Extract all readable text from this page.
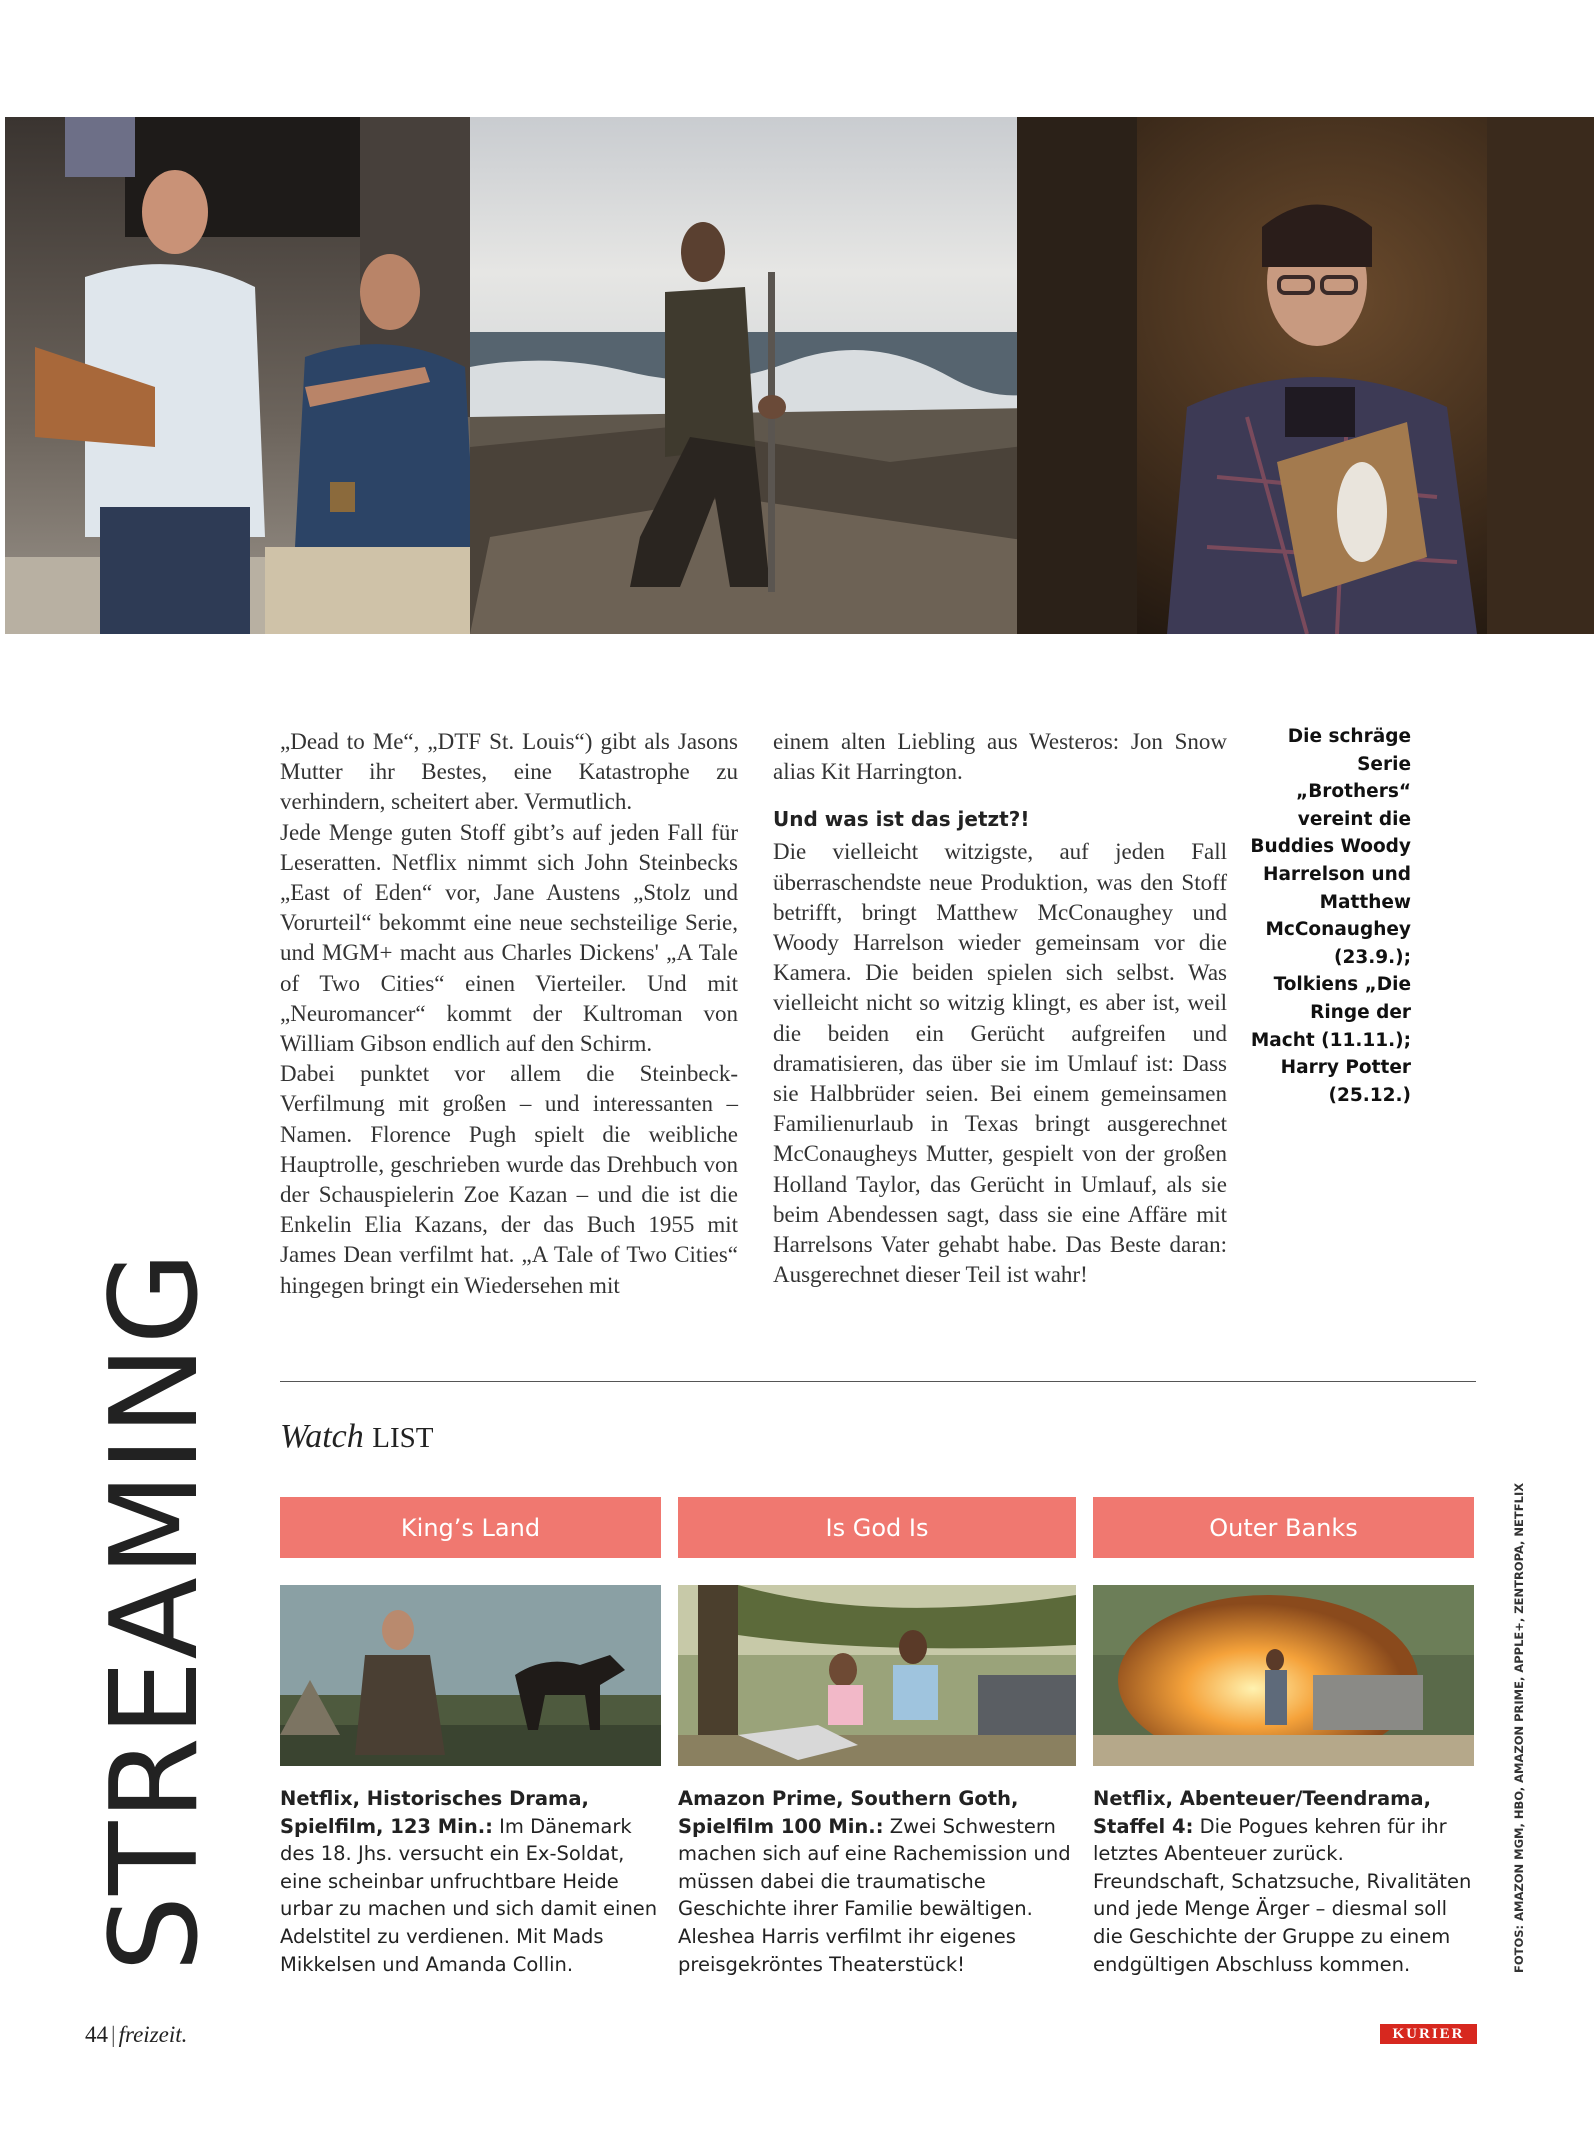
„Dead to Me“, „DTF St. Louis“) gibt als Jasons Mutter ihr Bestes, eine Katastrophe zu verhindern, scheitert aber. Vermutlich.

Jede Menge guten Stoff gibt’s auf jeden Fall für Leseratten. Netflix nimmt sich John Steinbecks „East of Eden“ vor, Jane Austens „Stolz und Vorurteil“ bekommt eine neue sechsteilige Serie, und MGM+ macht aus Charles Dickens' „A Tale of Two Cities“ einen Vierteiler. Und mit „Neuromancer“ kommt der Kultroman von William Gibson endlich auf den Schirm.

Dabei punktet vor allem die Steinbeck-Verfilmung mit großen – und interessanten – Namen. Florence Pugh spielt die weibliche Hauptrolle, geschrieben wurde das Drehbuch von der Schauspielerin Zoe Kazan – und die ist die Enkelin Elia Kazans, der das Buch 1955 mit James Dean verfilmt hat. „A Tale of Two Cities“ hingegen bringt ein Wiedersehen mit

einem alten Liebling aus Westeros: Jon Snow alias Kit Harrington.

Und was ist das jetzt?!

Die vielleicht witzigste, auf jeden Fall überraschendste neue Produktion, was den Stoff betrifft, bringt Matthew McConaughey und Woody Harrelson wieder gemeinsam vor die Kamera. Die beiden spielen sich selbst. Was vielleicht nicht so witzig klingt, es aber ist, weil die beiden ein Gerücht aufgreifen und dramatisieren, das über sie im Umlauf ist: Dass sie Halbbrüder seien. Bei einem gemeinsamen Familienurlaub in Texas bringt ausgerechnet McConaugheys Mutter, gespielt von der großen Holland Taylor, das Gerücht in Umlauf, als sie beim Abendessen sagt, dass sie eine Affäre mit Harrelsons Vater gehabt habe. Das Beste daran: Ausgerechnet dieser Teil ist wahr!

Die schräge Serie „Brothers“ vereint die Buddies Woody Harrelson und Matthew McConaughey (23.9.); Tolkiens „Die Ringe der Macht (11.11.); Harry Potter (25.12.)
STREAMING Watch LIST
King’s Land	Is God Is	Outer Banks
Netflix, Historisches Drama, Spielfilm, 123 Min.: Im Dänemark des 18. Jhs. versucht ein Ex-Soldat, eine scheinbar unfruchtbare Heide urbar zu machen und sich damit einen Adelstitel zu verdienen. Mit Mads Mikkelsen und Amanda Collin.
Amazon Prime, Southern Goth, Spielfilm 100 Min.: Zwei Schwestern machen sich auf eine Rachemission und müssen dabei die traumatische Geschichte ihrer Familie bewältigen. Aleshea Harris verfilmt ihr eigenes preisgekröntes Theaterstück!
Netflix, Abenteuer/Teendrama, Staffel 4: Die Pogues kehren für ihr letztes Abenteuer zurück. Freundschaft, Schatzsuche, Rivalitäten und jede Menge Ärger – diesmal soll die Geschichte der Gruppe zu einem endgültigen Abschluss kommen.	FOTOS: AMAZON MGM, HBO, AMAZON PRIME, APPLE+, ZENTROPA, NETFLIX
44 | freizeit.	KURIER
